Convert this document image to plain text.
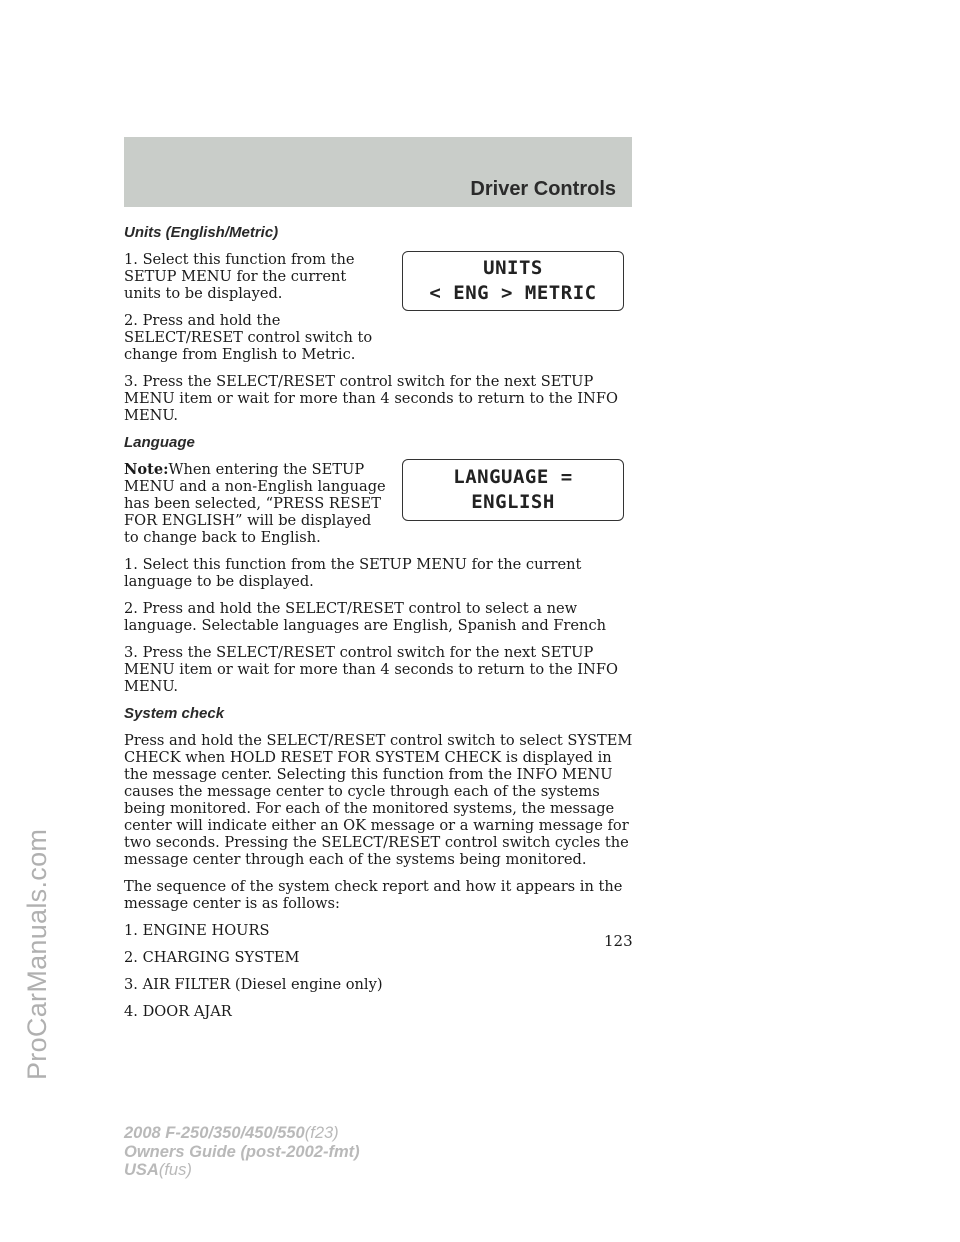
Driver Controls
ProCarManuals.com
Units (English/Metric)
UNITS
< ENG > METRIC

1. Select this function from the SETUP MENU for the current units to be displayed.

2. Press and hold the SELECT/RESET control switch to change from English to Metric.

3. Press the SELECT/RESET control switch for the next SETUP MENU item or wait for more than 4 seconds to return to the INFO MENU.

Language
LANGUAGE =
ENGLISH

Note:When entering the SETUP MENU and a non-English language has been selected, “PRESS RESET FOR ENGLISH” will be displayed to change back to English.

1. Select this function from the SETUP MENU for the current language to be displayed.

2. Press and hold the SELECT/RESET control to select a new language. Selectable languages are English, Spanish and French

3. Press the SELECT/RESET control switch for the next SETUP MENU item or wait for more than 4 seconds to return to the INFO MENU.

System check

Press and hold the SELECT/RESET control switch to select SYSTEM CHECK when HOLD RESET FOR SYSTEM CHECK is displayed in the message center. Selecting this function from the INFO MENU causes the message center to cycle through each of the systems being monitored. For each of the monitored systems, the message center will indicate either an OK message or a warning message for two seconds. Pressing the SELECT/RESET control switch cycles the message center through each of the systems being monitored.

The sequence of the system check report and how it appears in the message center is as follows:

1. ENGINE HOURS

2. CHARGING SYSTEM

3. AIR FILTER (Diesel engine only)

4. DOOR AJAR

123
2008 F-250/350/450/550(f23)
Owners Guide (post-2002-fmt)
USA(fus)
